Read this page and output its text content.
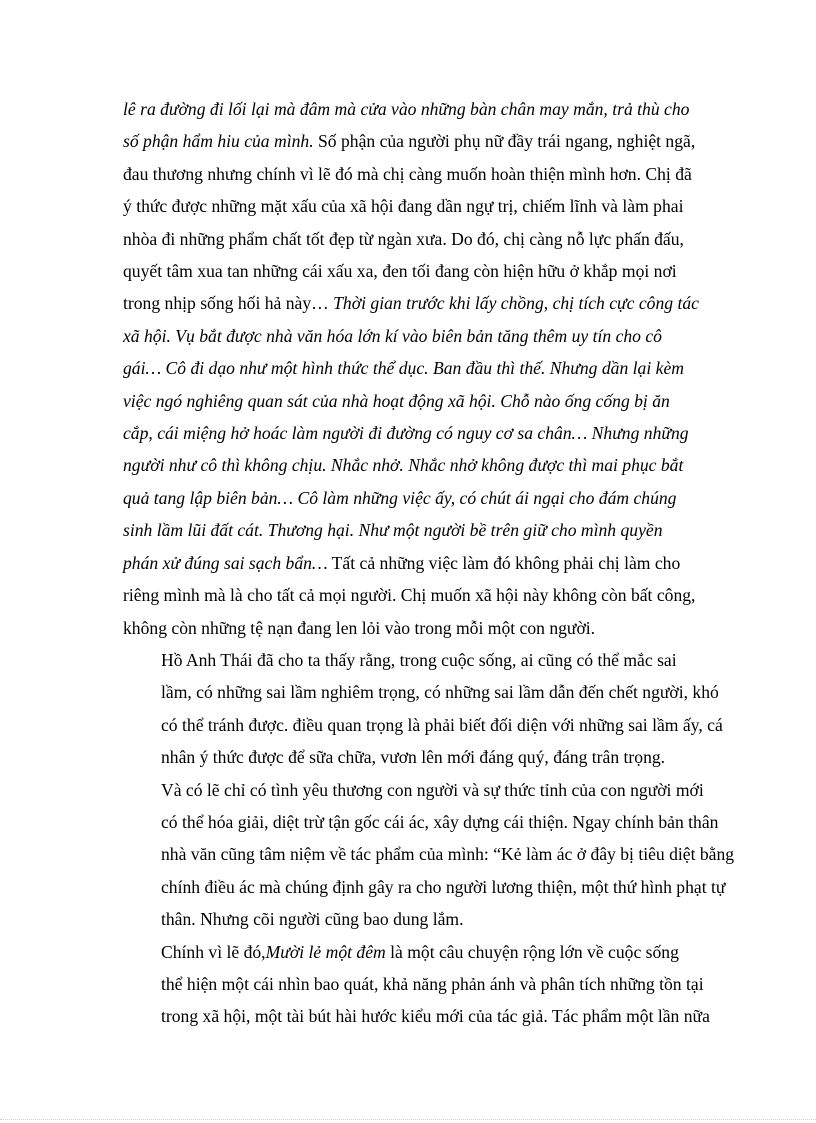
lê ra đường đi lối lại mà đâm mà cửa vào những bàn chân may mắn, trả thù cho
số phận hẩm hiu của mình. Số phận của người phụ nữ đầy trái ngang, nghiệt ngã,
đau thương nhưng chính vì lẽ đó mà chị càng muốn hoàn thiện mình hơn. Chị đã
ý thức được những mặt xấu của xã hội đang dần ngự trị, chiếm lĩnh và làm phai
nhòa đi những phẩm chất tốt đẹp từ ngàn xưa. Do đó, chị càng nỗ lực phấn đấu,
quyết tâm xua tan những cái xấu xa, đen tối đang còn hiện hữu ở khắp mọi nơi
trong nhịp sống hối hả này… Thời gian trước khi lấy chồng, chị tích cực công tác
xã hội. Vụ bắt được nhà văn hóa lớn kí vào biên bản tăng thêm uy tín cho cô
gái… Cô đi dạo như một hình thức thể dục. Ban đầu thì thế. Nhưng dần lại kèm
việc ngó nghiêng quan sát của nhà hoạt động xã hội. Chỗ nào ống cống bị ăn
cắp, cái miệng hở hoác làm người đi đường có nguy cơ sa chân… Nhưng những
người như cô thì không chịu. Nhắc nhở. Nhắc nhở không được thì mai phục bắt
quả tang lập biên bản… Cô làm những việc ấy, có chút ái ngại cho đám chúng
sinh lầm lũi đất cát. Thương hại. Như một người bề trên giữ cho mình quyền
phán xử đúng sai sạch bẩn… Tất cả những việc làm đó không phải chị làm cho
riêng mình mà là cho tất cả mọi người. Chị muốn xã hội này không còn bất công,
không còn những tệ nạn đang len lỏi vào trong mỗi một con người.
Hồ Anh Thái đã cho ta thấy rằng, trong cuộc sống, ai cũng có thể mắc sai
lầm, có những sai lầm nghiêm trọng, có những sai lầm dẫn đến chết người, khó
có thể tránh được. điều quan trọng là phải biết đối diện với những sai lầm ấy, cá
nhân ý thức được để sữa chữa, vươn lên mới đáng quý, đáng trân trọng.
Và có lẽ chỉ có tình yêu thương con người và sự thức tỉnh của con người mới
có thể hóa giải, diệt trừ tận gốc cái ác, xây dựng cái thiện. Ngay chính bản thân
nhà văn cũng tâm niệm về tác phẩm của mình: “Kẻ làm ác ở đây bị tiêu diệt bằng
chính điều ác mà chúng định gây ra cho người lương thiện, một thứ hình phạt tự
thân. Nhưng cõi người cũng bao dung lắm.
Chính vì lẽ đó,Mười lẻ một đêm là một câu chuyện rộng lớn về cuộc sống
thể hiện một cái nhìn bao quát, khả năng phản ánh và phân tích những tồn tại
trong xã hội, một tài bút hài hước kiểu mới của tác giả. Tác phẩm một lần nữa
